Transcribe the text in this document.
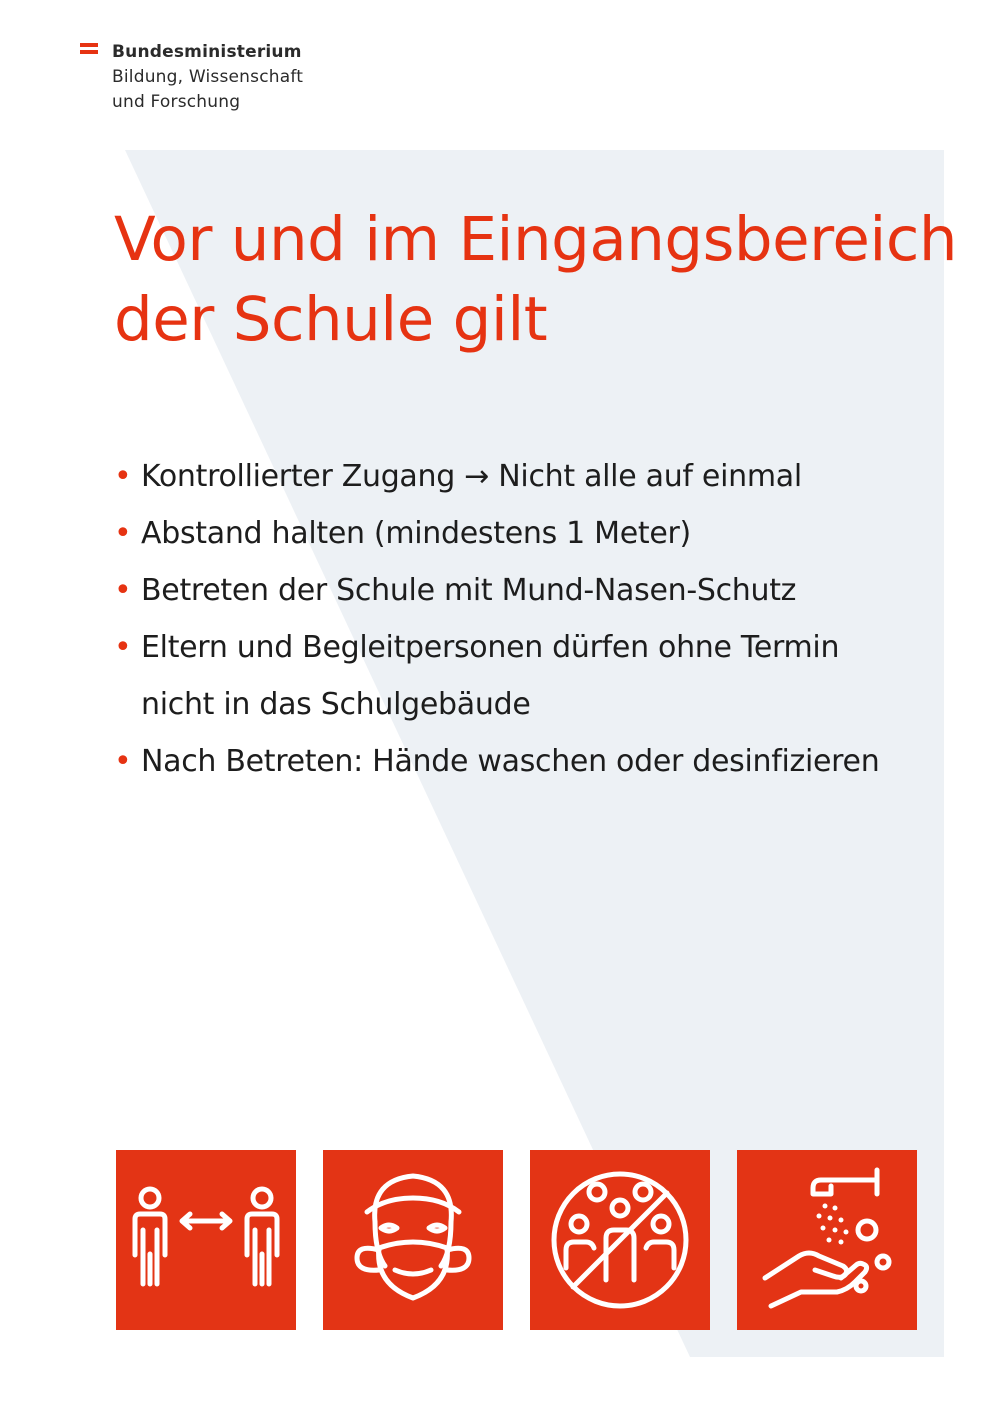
Bundesministerium
Bildung, Wissenschaft
und Forschung
Vor und im Eingangsbereich
der Schule gilt
• Kontrollierter Zugang → Nicht alle auf einmal
• Abstand halten (mindestens 1 Meter)
• Betreten der Schule mit Mund-Nasen-Schutz
• Eltern und Begleitpersonen dürfen ohne Termin nicht in das Schulgebäude
• Nach Betreten: Hände waschen oder desinfizieren
